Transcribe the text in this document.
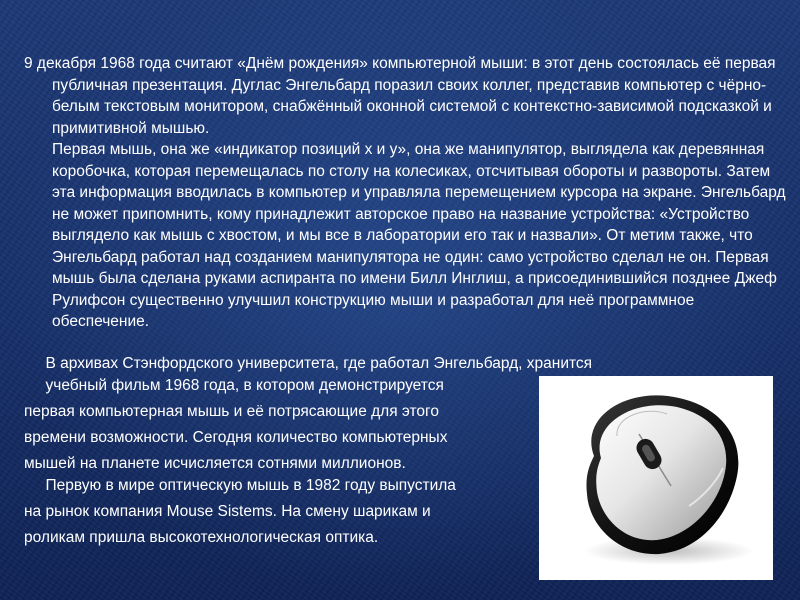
9 декабря 1968 года считают «Днём рождения» компьютерной мыши: в этот день состоялась её первая публичная презентация. Дуглас Энгельбард поразил своих коллег, представив компьютер с чёрно-белым текстовым монитором, снабжённый оконной системой с контекстно-зависимой подсказкой и примитивной мышью.

Первая мышь, она же «индикатор позиций х и у», она же манипулятор, выглядела как деревянная коробочка, которая перемещалась по столу на колесиках, отсчитывая обороты и развороты. Затем эта информация вводилась в компьютер и управляла перемещением курсора на экране. Энгельбард не может припомнить, кому принадлежит авторское право на название устройства: «Устройство выглядело как мышь с хвостом, и мы все в лаборатории его так и назвали». От метим также, что Энгельбард работал над созданием манипулятора не один: само устройство сделал не он. Первая мышь была сделана руками аспиранта по имени Билл Инглиш, а присоединившийся позднее Джеф Рулифсон существенно улучшил конструкцию мыши и разработал для неё программное обеспечение.

В архивах Стэнфордского университета, где работал Энгельбард, хранится

учебный фильм 1968 года, в котором демонстрируется

первая компьютерная мышь и её потрясающие для этого

времени возможности. Сегодня количество компьютерных

мышей на планете исчисляется сотнями миллионов.

Первую в мире оптическую мышь в 1982 году выпустила

на рынок компания Mouse Sistems. На смену шарикам и

роликам пришла высокотехнологическая оптика.
